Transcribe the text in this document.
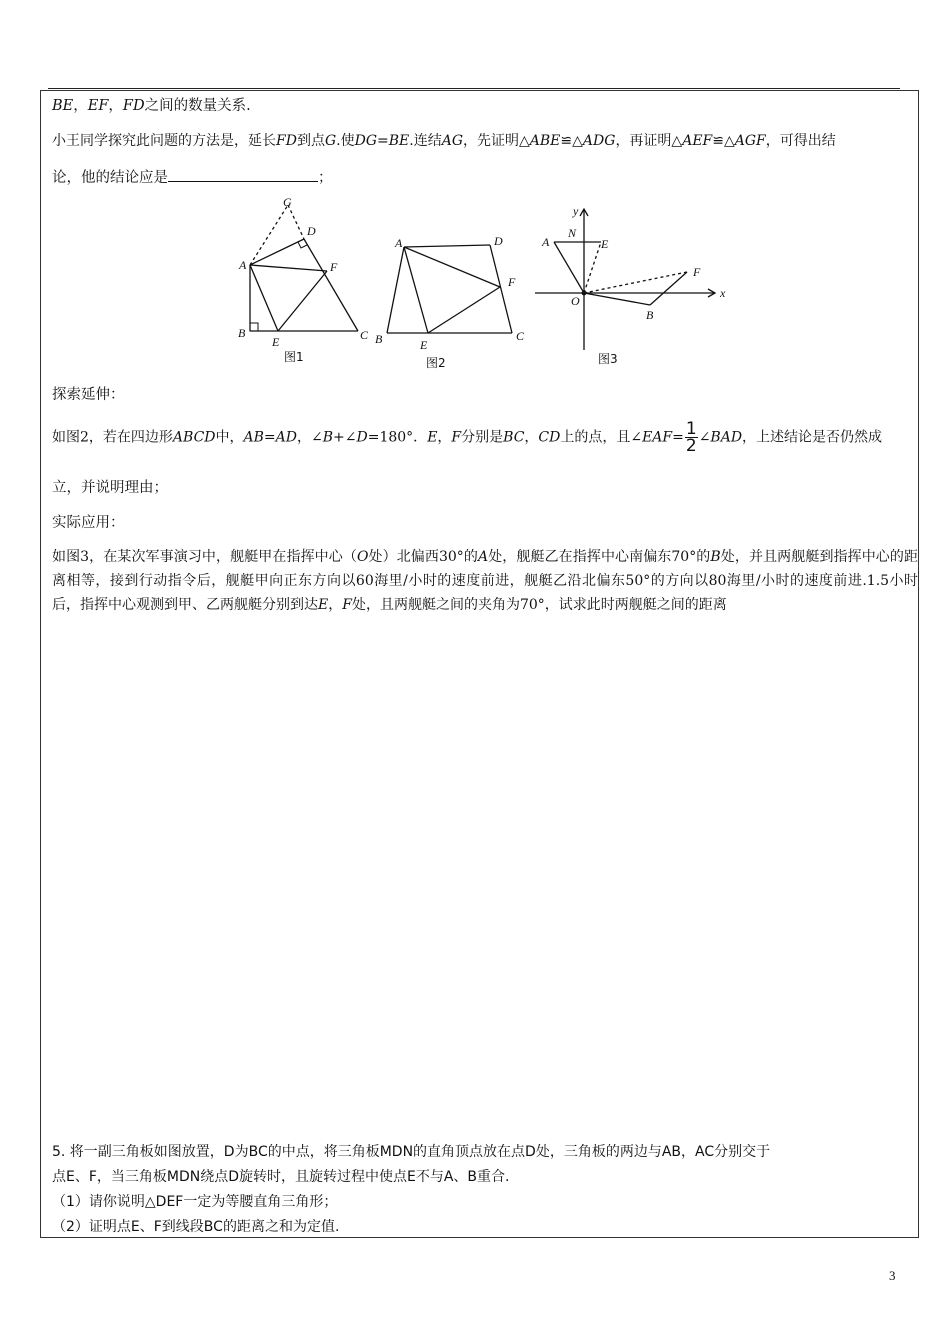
BE，EF，FD之间的数量关系.
小王同学探究此问题的方法是，延长FD到点G.使DG=BE.连结AG，先证明△ABE≌△ADG，再证明△AEF≌△AGF，可得出结
论，他的结论应是	；
G
D
A	F
B
E	C
图1
A	D
F
B	E
C
图2
y
N
A	E
F
O
x
B
图3
探索延伸：
如图2，若在四边形ABCD中，AB=AD，∠B+∠D=180°．E，F分别是BC，CD上的点，且∠EAF= $\frac{1}{2}$ ∠BAD，上述结论是否仍然成
立，并说明理由；
实际应用：
如图3，在某次军事演习中，舰艇甲在指挥中心（O处）北偏西30°的A处，舰艇乙在指挥中心南偏东70°的B处，并且两舰艇到指挥中心的距离相等，接到行动指令后，舰艇甲向正东方向以60海里/小时的速度前进，舰艇乙沿北偏东50°的方向以80海里/小时的速度前进.1.5小时后，指挥中心观测到甲、乙两舰艇分别到达E，F处，且两舰艇之间的夹角为70°，试求此时两舰艇之间的距离
5. 将一副三角板如图放置，D为BC的中点，将三角板MDN的直角顶点放在点D处，三角板的两边与AB，AC分别交于
点E、F，当三角板MDN绕点D旋转时，且旋转过程中使点E不与A、B重合.
（1）请你说明△DEF一定为等腰直角三角形；
（2）证明点E、F到线段BC的距离之和为定值.
3
